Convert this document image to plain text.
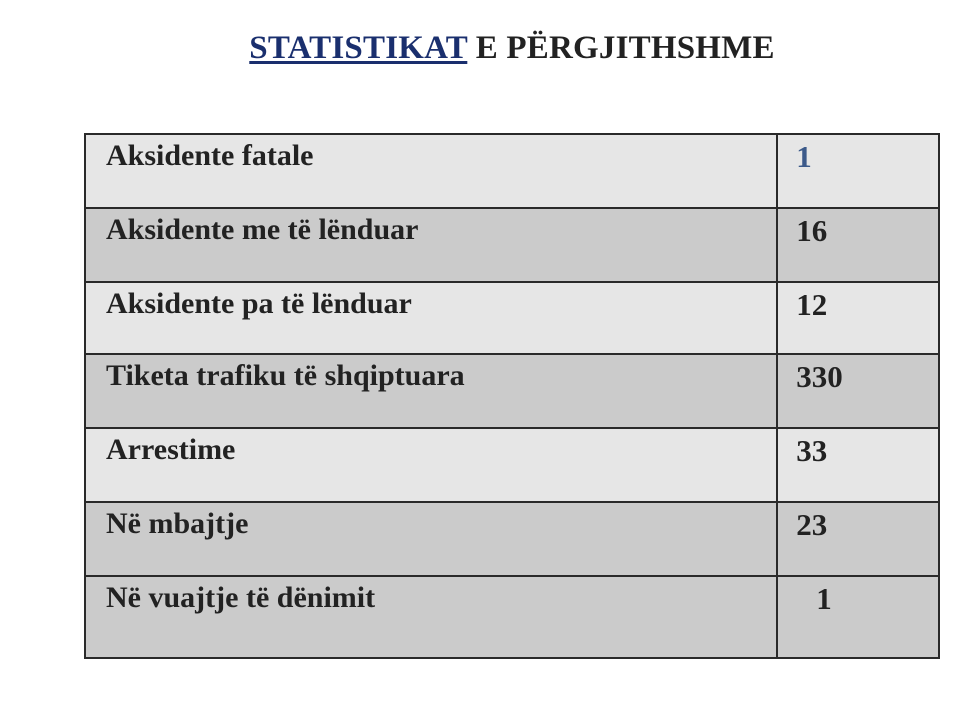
STATISTIKAT E PËRGJITHSHME
Aksidente fatale	1
Aksidente me të lënduar	16
Aksidente pa të lënduar	12
Tiketa trafiku të shqiptuara	330
Arrestime	33
Në mbajtje	23
Në vuajtje të dënimit	1
